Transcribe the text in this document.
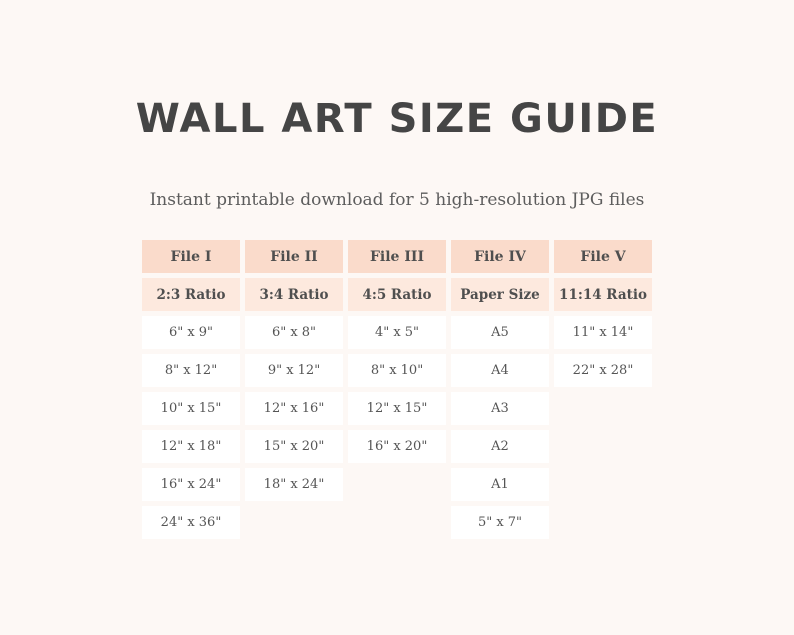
WALL ART SIZE GUIDE

Instant printable download for 5 high-resolution JPG files

File I
2:3 Ratio
6" x 9"
8" x 12"
10" x 15"
12" x 18"
16" x 24"
24" x 36"
File II
3:4 Ratio
6" x 8"
9" x 12"
12" x 16"
15" x 20"
18" x 24"
File III
4:5 Ratio
4" x 5"
8" x 10"
12" x 15"
16" x 20"
File IV
Paper Size
A5
A4
A3
A2
A1
5" x 7"
File V
11:14 Ratio
11" x 14"
22" x 28"
